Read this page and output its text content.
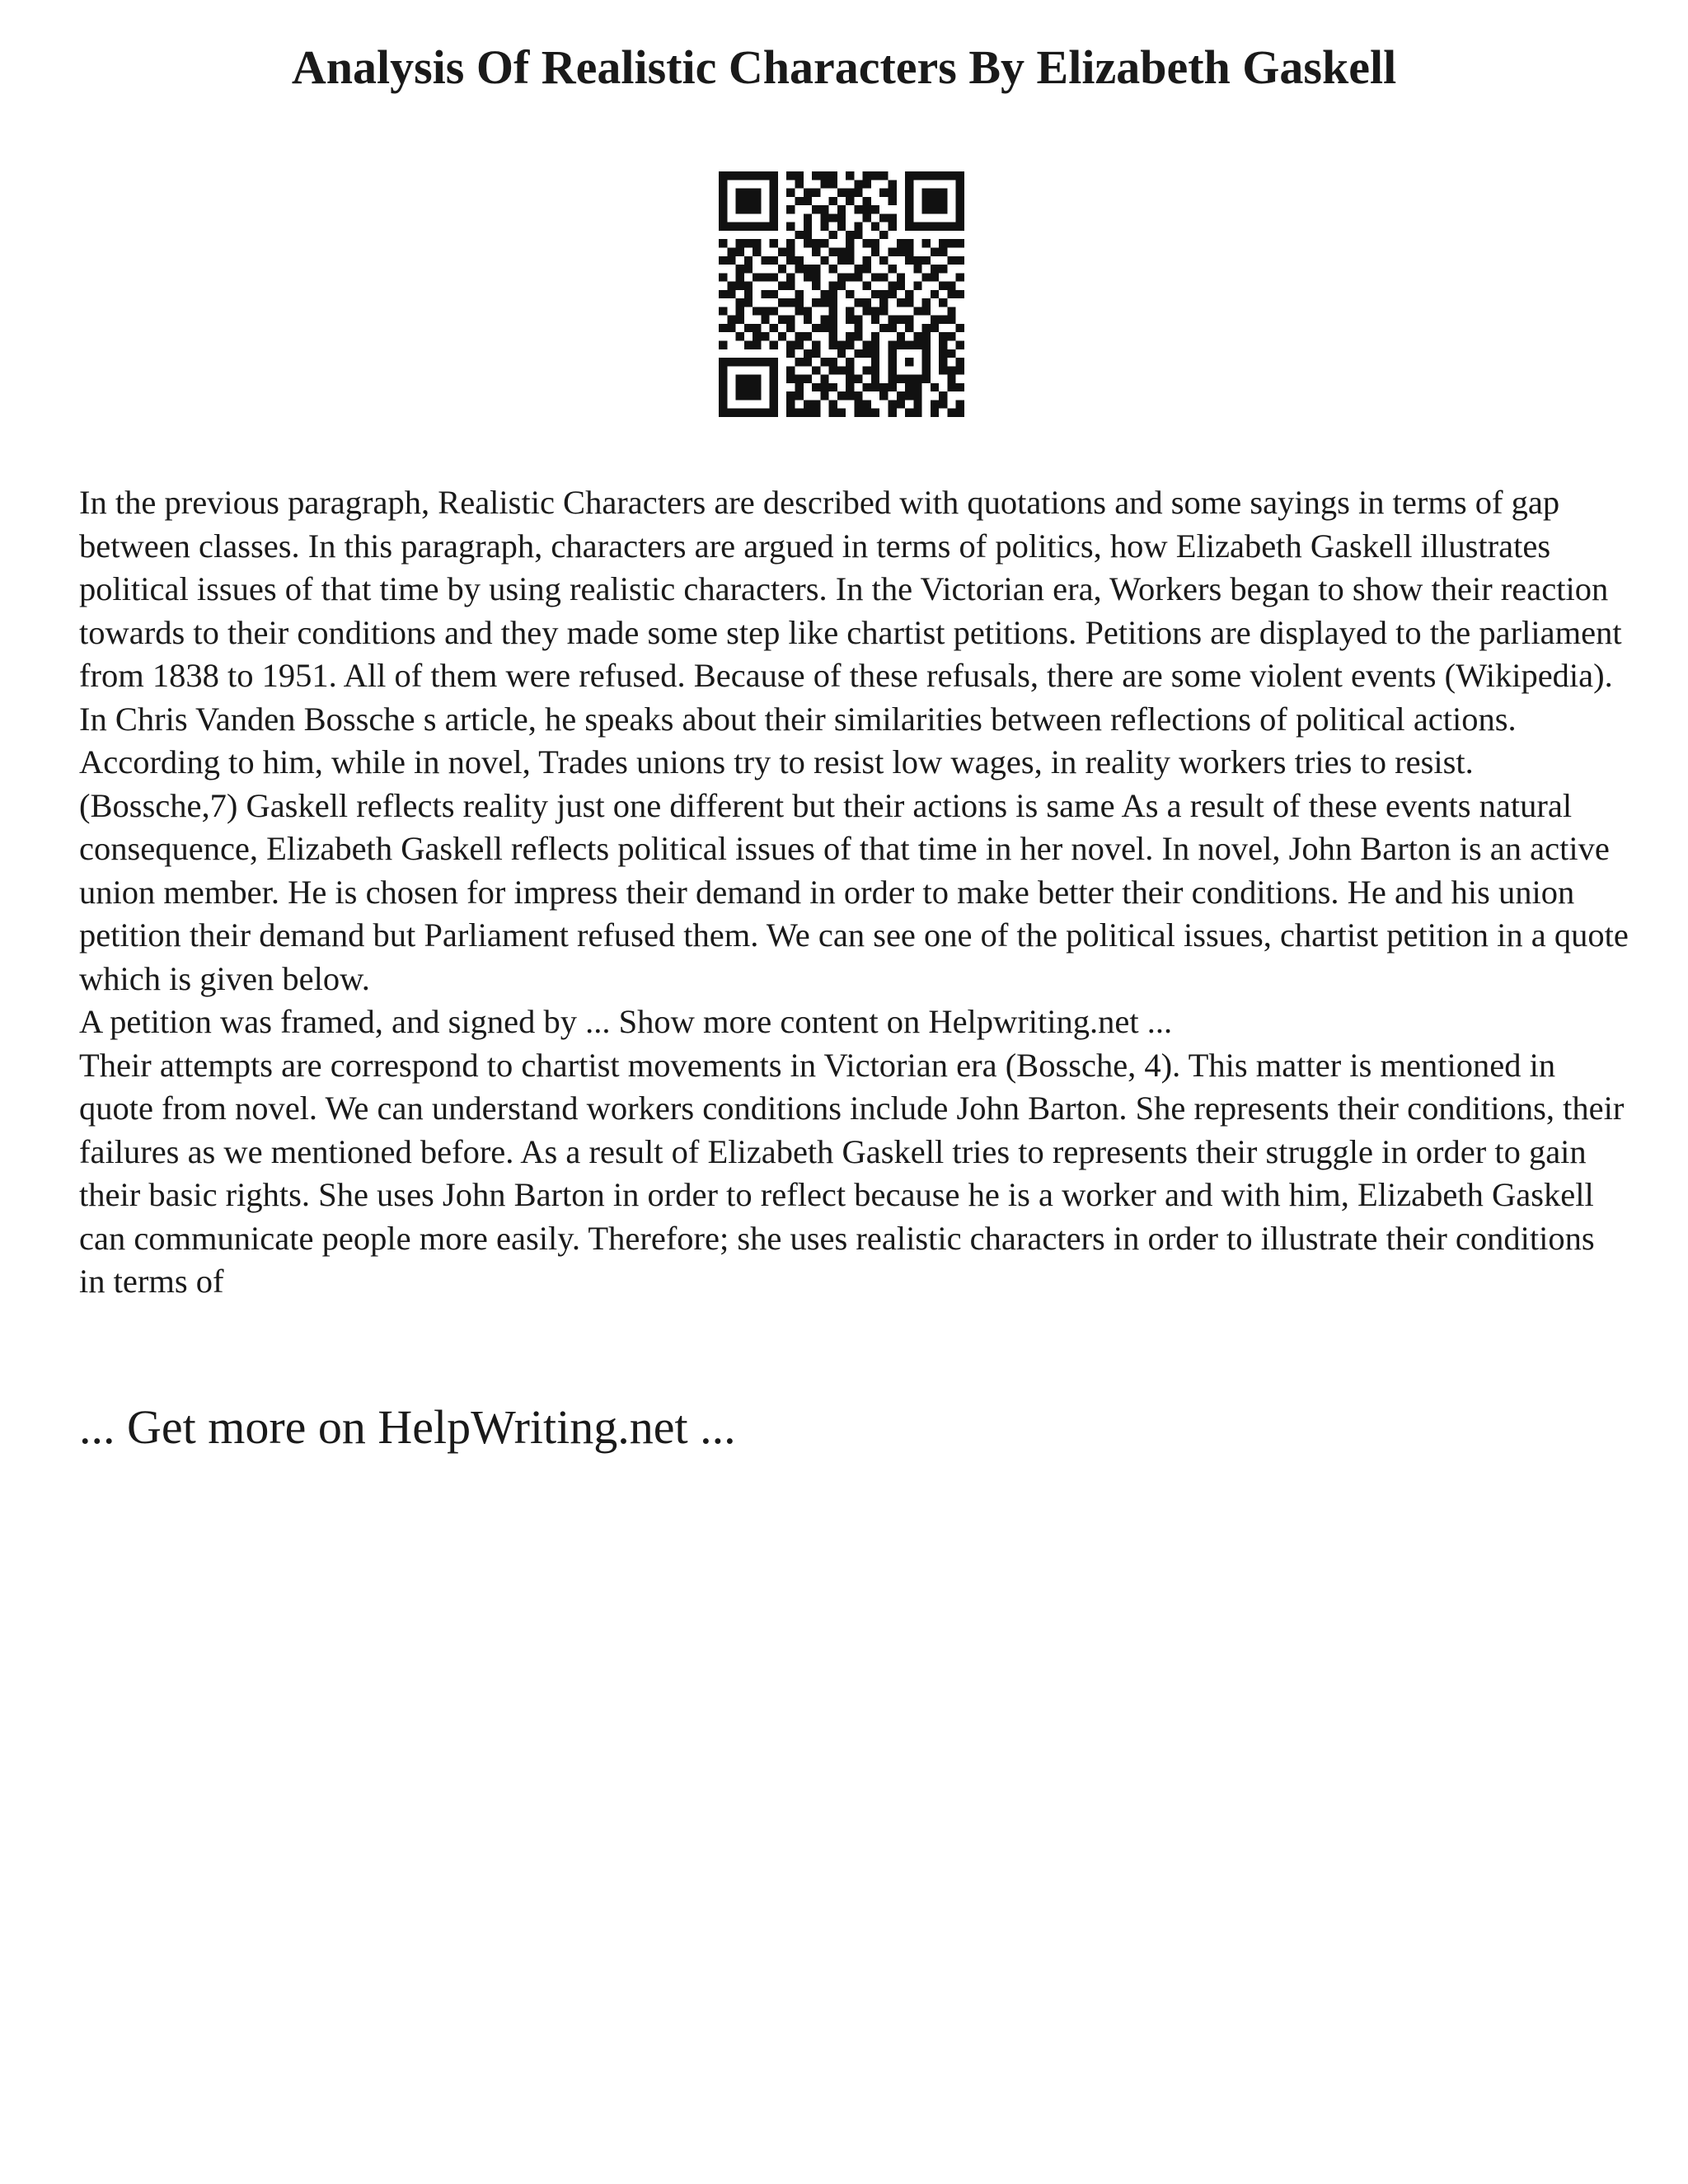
Analysis Of Realistic Characters By Elizabeth Gaskell

In the previous paragraph, Realistic Characters are described with quotations and some sayings in terms of gap between classes. In this paragraph, characters are argued in terms of politics, how Elizabeth Gaskell illustrates political issues of that time by using realistic characters. In the Victorian era, Workers began to show their reaction towards to their conditions and they made some step like chartist petitions. Petitions are displayed to the parliament from 1838 to 1951. All of them were refused. Because of these refusals, there are some violent events (Wikipedia). In Chris Vanden Bossche s article, he speaks about their similarities between reflections of political actions. According to him, while in novel, Trades unions try to resist low wages, in reality workers tries to resist. (Bossche,7) Gaskell reflects reality just one different but their actions is same As a result of these events natural consequence, Elizabeth Gaskell reflects political issues of that time in her novel. In novel, John Barton is an active union member. He is chosen for impress their demand in order to make better their conditions. He and his union petition their demand but Parliament refused them. We can see one of the political issues, chartist petition in a quote which is given below.

A petition was framed, and signed by ... Show more content on Helpwriting.net ...

Their attempts are correspond to chartist movements in Victorian era (Bossche, 4). This matter is mentioned in quote from novel. We can understand workers conditions include John Barton. She represents their conditions, their failures as we mentioned before. As a result of Elizabeth Gaskell tries to represents their struggle in order to gain their basic rights. She uses John Barton in order to reflect because he is a worker and with him, Elizabeth Gaskell can communicate people more easily. Therefore; she uses realistic characters in order to illustrate their conditions in terms of

... Get more on HelpWriting.net ...
